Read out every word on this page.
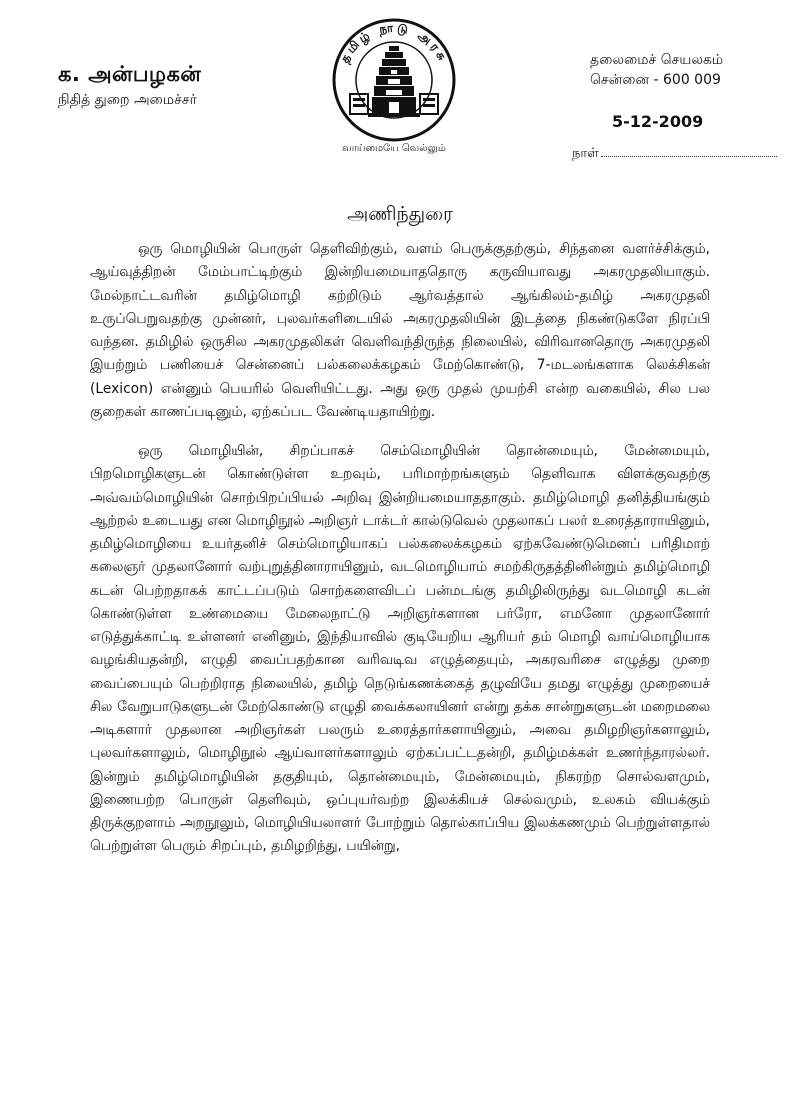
க. அன்பழகன்
நிதித் துறை அமைச்சர்
தமிழ் நாடு அரசு
வாய்மையே வெல்லும்
தலைமைச் செயலகம்
சென்னை - 600 009
5-12-2009
நாள்
அணிந்துரை

ஒரு மொழியின் பொருள் தெளிவிற்கும், வளம் பெருக்குதற்கும், சிந்தனை வளர்ச்சிக்கும், ஆய்வுத்திறன் மேம்பாட்டிற்கும் இன்றியமையாததொரு கருவியாவது அகரமுதலியாகும். மேல்நாட்டவரின் தமிழ்மொழி கற்றிடும் ஆர்வத்தால் ஆங்கிலம்-தமிழ் அகரமுதலி உருப்பெறுவதற்கு முன்னர், புலவர்களிடையில் அகரமுதலியின் இடத்தை நிகண்டுகளே நிரப்பி வந்தன. தமிழில் ஒருசில அகரமுதலிகள் வெளிவந்திருந்த நிலையில், விரிவானதொரு அகரமுதலி இயற்றும் பணியைச் சென்னைப் பல்கலைக்கழகம் மேற்கொண்டு, 7-மடலங்களாக லெக்சிகன் (Lexicon) என்னும் பெயரில் வெளியிட்டது. அது ஒரு முதல் முயற்சி என்ற வகையில், சில பல குறைகள் காணப்படினும், ஏற்கப்பட வேண்டியதாயிற்று.

ஒரு மொழியின், சிறப்பாகச் செம்மொழியின் தொன்மையும், மேன்மையும், பிறமொழிகளுடன் கொண்டுள்ள உறவும், பரிமாற்றங்களும் தெளிவாக விளக்குவதற்கு அவ்வம்மொழியின் சொற்பிறப்பியல் அறிவு இன்றியமையாததாகும். தமிழ்மொழி தனித்தியங்கும் ஆற்றல் உடையது என மொழிநூல் அறிஞர் டாக்டர் கால்டுவெல் முதலாகப் பலர் உரைத்தாராயினும், தமிழ்மொழியை உயர்தனிச் செம்மொழியாகப் பல்கலைக்கழகம் ஏற்கவேண்டுமெனப் பரிதிமாற் கலைஞர் முதலானோர் வற்புறுத்தினாராயினும், வடமொழியாம் சமற்கிருதத்தினின்றும் தமிழ்மொழி கடன் பெற்றதாகக் காட்டப்படும் சொற்களைவிடப் பன்மடங்கு தமிழிலிருந்து வடமொழி கடன் கொண்டுள்ள உண்மையை மேலைநாட்டு அறிஞர்களான பர்ரோ, எமனோ முதலானோர் எடுத்துக்காட்டி உள்ளனர் எனினும், இந்தியாவில் குடியேறிய ஆரியர் தம் மொழி வாய்மொழியாக வழங்கியதன்றி, எழுதி வைப்பதற்கான வரிவடிவ எழுத்தையும், அகரவரிசை எழுத்து முறை வைப்பையும் பெற்றிராத நிலையில், தமிழ் நெடுங்கணக்கைத் தழுவியே தமது எழுத்து முறையைச் சில வேறுபாடுகளுடன் மேற்கொண்டு எழுதி வைக்கலாயினர் என்று தக்க சான்றுகளுடன் மறைமலை அடிகளார் முதலான அறிஞர்கள் பலரும் உரைத்தார்களாயினும், அவை தமிழறிஞர்களாலும், புலவர்களாலும், மொழிநூல் ஆய்வாளர்களாலும் ஏற்கப்பட்டதன்றி, தமிழ்மக்கள் உணர்ந்தாரல்லர். இன்றும் தமிழ்மொழியின் தகுதியும், தொன்மையும், மேன்மையும், நிகரற்ற சொல்வளமும், இணையற்ற பொருள் தெளிவும், ஒப்புயர்வற்ற இலக்கியச் செல்வமும், உலகம் வியக்கும் திருக்குறளாம் அறநூலும், மொழியியலாளர் போற்றும் தொல்காப்பிய இலக்கணமும் பெற்றுள்ளதால் பெற்றுள்ள பெரும் சிறப்பும், தமிழறிந்து, பயின்று,
